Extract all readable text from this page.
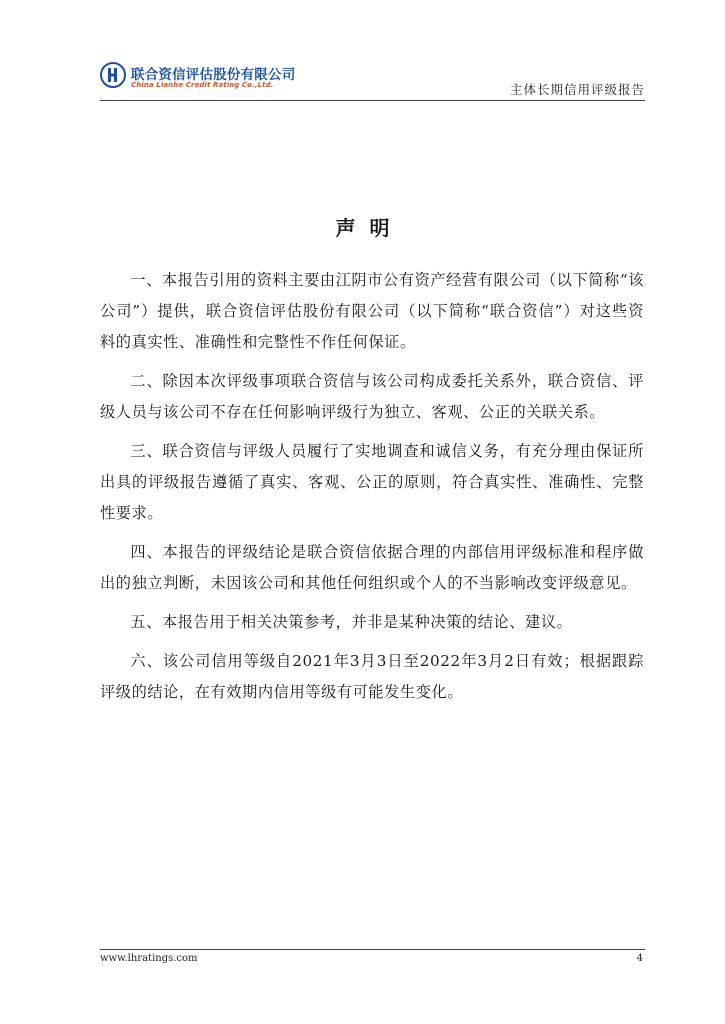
联合资信评估股份有限公司
China Lianhe Credit Rating Co.,Ltd.	主体长期信用评级报告
声明

一、本报告引用的资料主要由江阴市公有资产经营有限公司（以下简称“该公司”）提供，联合资信评估股份有限公司（以下简称“联合资信”）对这些资料的真实性、准确性和完整性不作任何保证。

二、除因本次评级事项联合资信与该公司构成委托关系外，联合资信、评级人员与该公司不存在任何影响评级行为独立、客观、公正的关联关系。

三、联合资信与评级人员履行了实地调查和诚信义务，有充分理由保证所出具的评级报告遵循了真实、客观、公正的原则，符合真实性、准确性、完整性要求。

四、本报告的评级结论是联合资信依据合理的内部信用评级标准和程序做出的独立判断，未因该公司和其他任何组织或个人的不当影响改变评级意见。

五、本报告用于相关决策参考，并非是某种决策的结论、建议。

六、该公司信用等级自2021年3月3日至2022年3月2日有效；根据跟踪评级的结论，在有效期内信用等级有可能发生变化。

www.lhratings.com	4
